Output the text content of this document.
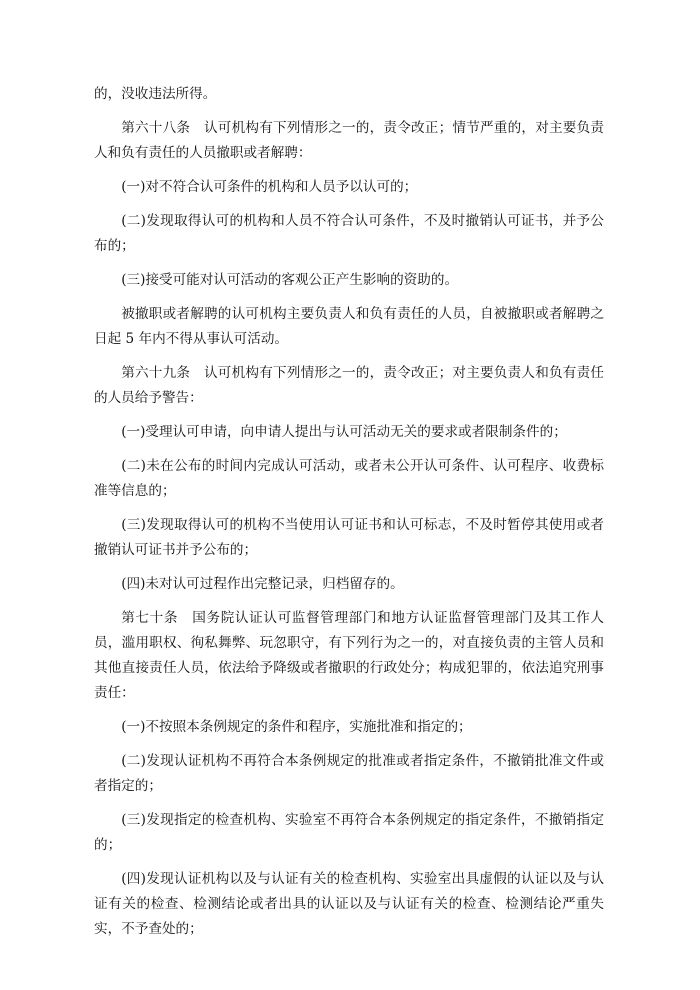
的，没收违法所得。

第六十八条　认可机构有下列情形之一的，责令改正；情节严重的，对主要负责人和负有责任的人员撤职或者解聘：

(一)对不符合认可条件的机构和人员予以认可的；

(二)发现取得认可的机构和人员不符合认可条件，不及时撤销认可证书，并予公布的；

(三)接受可能对认可活动的客观公正产生影响的资助的。

被撤职或者解聘的认可机构主要负责人和负有责任的人员，自被撤职或者解聘之日起 5 年内不得从事认可活动。

第六十九条　认可机构有下列情形之一的，责令改正；对主要负责人和负有责任的人员给予警告：

(一)受理认可申请，向申请人提出与认可活动无关的要求或者限制条件的；

(二)未在公布的时间内完成认可活动，或者未公开认可条件、认可程序、收费标准等信息的；

(三)发现取得认可的机构不当使用认可证书和认可标志，不及时暂停其使用或者撤销认可证书并予公布的；

(四)未对认可过程作出完整记录，归档留存的。

第七十条　国务院认证认可监督管理部门和地方认证监督管理部门及其工作人员，滥用职权、徇私舞弊、玩忽职守，有下列行为之一的，对直接负责的主管人员和其他直接责任人员，依法给予降级或者撤职的行政处分；构成犯罪的，依法追究刑事责任：

(一)不按照本条例规定的条件和程序，实施批准和指定的；

(二)发现认证机构不再符合本条例规定的批准或者指定条件，不撤销批准文件或者指定的；

(三)发现指定的检查机构、实验室不再符合本条例规定的指定条件，不撤销指定的；

(四)发现认证机构以及与认证有关的检查机构、实验室出具虚假的认证以及与认证有关的检查、检测结论或者出具的认证以及与认证有关的检查、检测结论严重失实，不予查处的；
